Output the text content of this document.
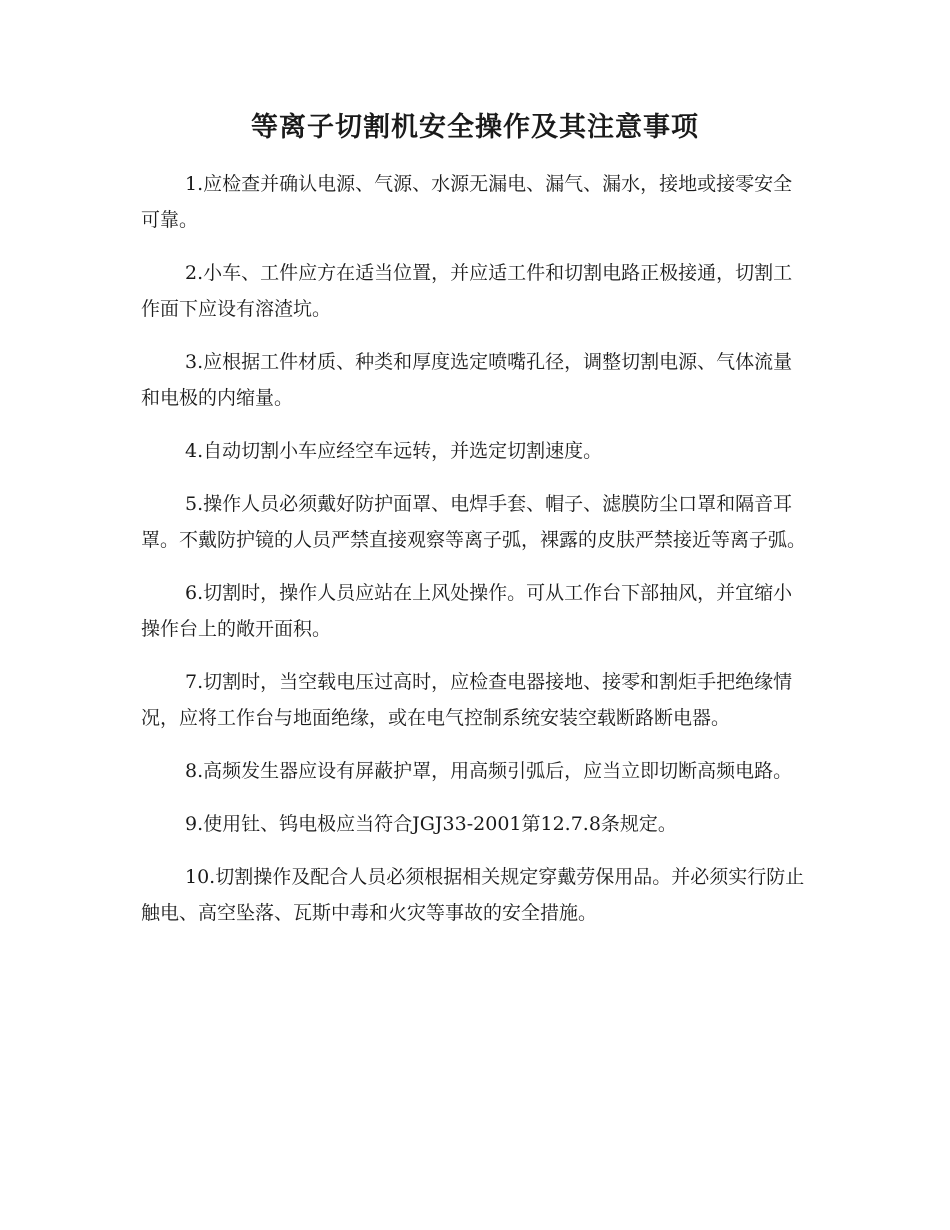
等离子切割机安全操作及其注意事项

1.应检查并确认电源、气源、水源无漏电、漏气、漏水，接地或接零安全可靠。

2.小车、工件应方在适当位置，并应适工件和切割电路正极接通，切割工作面下应设有溶渣坑。

3.应根据工件材质、种类和厚度选定喷嘴孔径，调整切割电源、气体流量和电极的内缩量。

4.自动切割小车应经空车远转，并选定切割速度。

5.操作人员必须戴好防护面罩、电焊手套、帽子、滤膜防尘口罩和隔音耳罩。不戴防护镜的人员严禁直接观察等离子弧，裸露的皮肤严禁接近等离子弧。

6.切割时，操作人员应站在上风处操作。可从工作台下部抽风，并宜缩小操作台上的敞开面积。

7.切割时，当空载电压过高时，应检查电器接地、接零和割炬手把绝缘情况，应将工作台与地面绝缘，或在电气控制系统安装空载断路断电器。

8.高频发生器应设有屏蔽护罩，用高频引弧后，应当立即切断高频电路。

9.使用钍、钨电极应当符合JGJ33-2001第12.7.8条规定。

10.切割操作及配合人员必须根据相关规定穿戴劳保用品。并必须实行防止触电、高空坠落、瓦斯中毒和火灾等事故的安全措施。
